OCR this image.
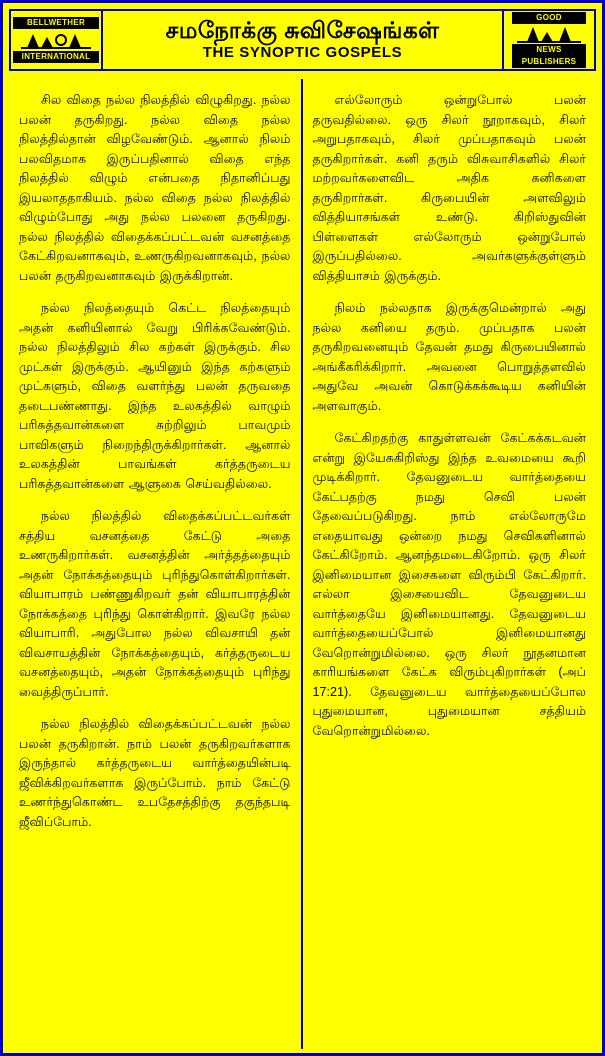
BELLWETHER
INTERNATIONAL
சமநோக்கு சுவிசேஷங்கள்
THE SYNOPTIC GOSPELS
GOOD
NEWS
PUBLISHERS

சில விதை நல்ல நிலத்தில் விழுகிறது. நல்ல பலன் தருகிறது. நல்ல விதை நல்ல நிலத்தில்தான் விழவேண்டும். ஆனால் நிலம் பலவிதமாக இருப்பதினால் விதை எந்த நிலத்தில் விழும் என்பதை நிதானிப்பது இயலாததாகியம். நல்ல விதை நல்ல நிலத்தில் விழும்போது அது நல்ல பலனை தருகிறது. நல்ல நிலத்தில் விதைக்கப்பட்டவன் வசனத்தை கேட்கிறவனாகவும், உணருகிறவனாகவும், நல்ல பலன் தருகிறவனாகவும் இருக்கிறான்.

நல்ல நிலத்தையும் கெட்ட நிலத்தையும் அதன் கனியினால் வேறு பிரிக்கவேண்டும். நல்ல நிலத்திலும் சில கற்கள் இருக்கும். சில முட்கள் இருக்கும். ஆயினும் இந்த கற்களும் முட்களும், விதை வளர்ந்து பலன் தருவதை தடைபண்ணாது. இந்த உலகத்தில் வாழும் பரிசுத்தவான்களை சுற்றிலும் பாவமும் பாவிகளும் நிறைந்திருக்கிறார்கள். ஆனால் உலகத்தின் பாவங்கள் கர்த்தருடைய பரிசுத்தவான்களை ஆளுகை செய்வதில்லை.

நல்ல நிலத்தில் விதைக்கப்பட்டவர்கள் சத்திய வசனத்தை கேட்டு அதை உணருகிறார்கள். வசனத்தின் அர்த்தத்தையும் அதன் நோக்கத்தையும் புரிந்துகொள்கிறார்கள். வியாபாரம் பண்ணுகிறவர் தன் வியாபாரத்தின் நோக்கத்தை புரிந்து கொள்கிறார். இவரே நல்ல வியாபாரி. அதுபோல நல்ல விவசாயி தன் விவசாயத்தின் நோக்கத்தையும், கர்த்தருடைய வசனத்தையும், அதன் நோக்கத்தையும் புரிந்து வைத்திருப்பார்.

நல்ல நிலத்தில் விதைக்கப்பட்டவன் நல்ல பலன் தருகிறான். நாம் பலன் தருகிறவர்களாக இருந்தால் கர்த்தருடைய வார்த்தையின்படி ஜீவிக்கிறவர்களாக இருப்போம். நாம் கேட்டு உணர்ந்துகொண்ட உபதேசத்திற்கு தகுந்தபடி ஜீவிப்போம்.

எல்லோரும் ஒன்றுபோல் பலன் தருவதில்லை. ஒரு சிலர் நூறாகவும், சிலர் அறுபதாகவும், சிலர் முப்பதாகவும் பலன் தருகிறார்கள். கனி தரும் விசுவாசிகளில் சிலர் மற்றவர்களைவிட அதிக கனிகளை தருகிறார்கள். கிருபையின் அளவிலும் வித்தியாசங்கள் உண்டு. கிறிஸ்துவின் பிள்ளைகள் எல்லோரும் ஒன்றுபோல் இருப்பதில்லை. அவர்களுக்குள்ளும் வித்தியாசம் இருக்கும்.

நிலம் நல்லதாக இருக்குமென்றால் அது நல்ல கனியை தரும். முப்பதாக பலன் தருகிறவனையும் தேவன் தமது கிருபையினால் அங்கீகரிக்கிறார். அவனை பொறுத்தளவில் அதுவே அவன் கொடுக்கக்கூடிய கனியின் அளவாகும்.

கேட்கிறதற்கு காதுள்ளவன் கேட்கக்கடவன் என்று இயேசுகிறிஸ்து இந்த உவமையை கூறி முடிக்கிறார். தேவனுடைய வார்த்தையை கேட்பதற்கு நமது செவி பலன் தேவைப்படுகிறது. நாம் எல்லோருமே எதையாவது ஒன்றை நமது செவிகளினால் கேட்கிறோம். ஆனந்தமடைகிறோம். ஒரு சிலர் இனிமையான இசைகளை விரும்பி கேட்கிறார். எல்லா இசையைவிட தேவனுடைய வார்த்தையே இனிமையானது. தேவனுடைய வார்த்தையைப்போல் இனிமையானது வேறொன்றுமில்லை. ஒரு சிலர் நூதனமான காரியங்களை கேட்க விரும்புகிறார்கள் (அப் 17:21). தேவனுடைய வார்த்தையைப்போல புதுமையான, புதுமையான சத்தியம் வேறொன்றுமில்லை.
